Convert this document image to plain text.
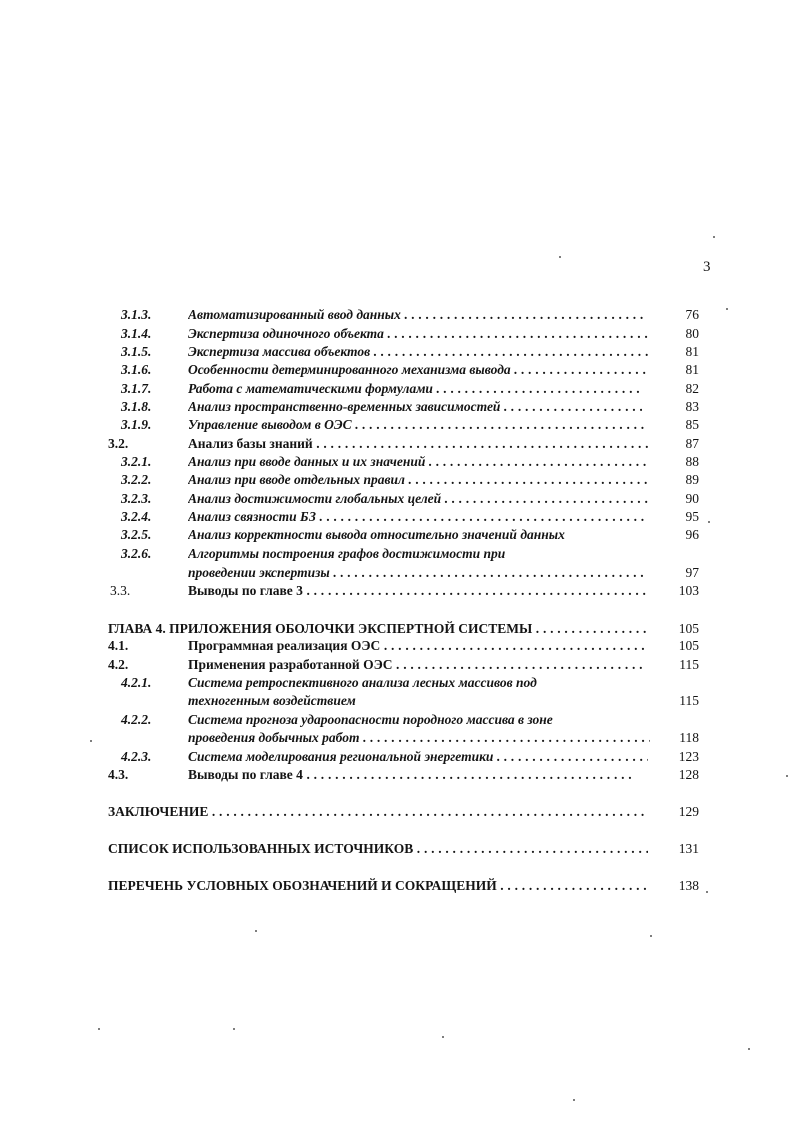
3
3.1.3.	Автоматизированный ввод данных . . .	76
3.1.4.	Экспертиза одиночного объекта . . .	80
3.1.5.	Экспертиза массива объектов . . .	81
3.1.6.	Особенности детерминированного механизма вывода . . .	81
3.1.7.	Работа с математическими формулами . . .	82
3.1.8.	Анализ пространственно-временных зависимостей . . .	83
3.1.9.	Управление выводом в ОЭС . . .	85
3.2.	Анализ базы знаний . . .	87
3.2.1.	Анализ при вводе данных и их значений . . .	88
3.2.2.	Анализ при вводе отдельных правил . . .	89
3.2.3.	Анализ достижимости глобальных целей . . .	90
3.2.4.	Анализ связности БЗ . . .	95
3.2.5.	Анализ корректности вывода относительно значений данных	96
3.2.6.	Алгоритмы построения графов достижимости при
проведении экспертизы . . .	97
3.3.	Выводы по главе 3 . . .	103
ГЛАВА 4. ПРИЛОЖЕНИЯ ОБОЛОЧКИ ЭКСПЕРТНОЙ СИСТЕМЫ . . .	105
4.1.	Программная реализация ОЭС . . .	105
4.2.	Применения разработанной ОЭС . . .	115
4.2.1.	Система ретроспективного анализа лесных массивов под
техногенным воздействием	115
4.2.2.	Система прогноза удароопасности породного массива в зоне
проведения добычных работ . . .	118
4.2.3.	Система моделирования региональной энергетики . . .	123
4.3.	Выводы по главе 4 . . .	128
ЗАКЛЮЧЕНИЕ . . .	129
СПИСОК ИСПОЛЬЗОВАННЫХ ИСТОЧНИКОВ . . .	131
ПЕРЕЧЕНЬ УСЛОВНЫХ ОБОЗНАЧЕНИЙ И СОКРАЩЕНИЙ . . .	138
